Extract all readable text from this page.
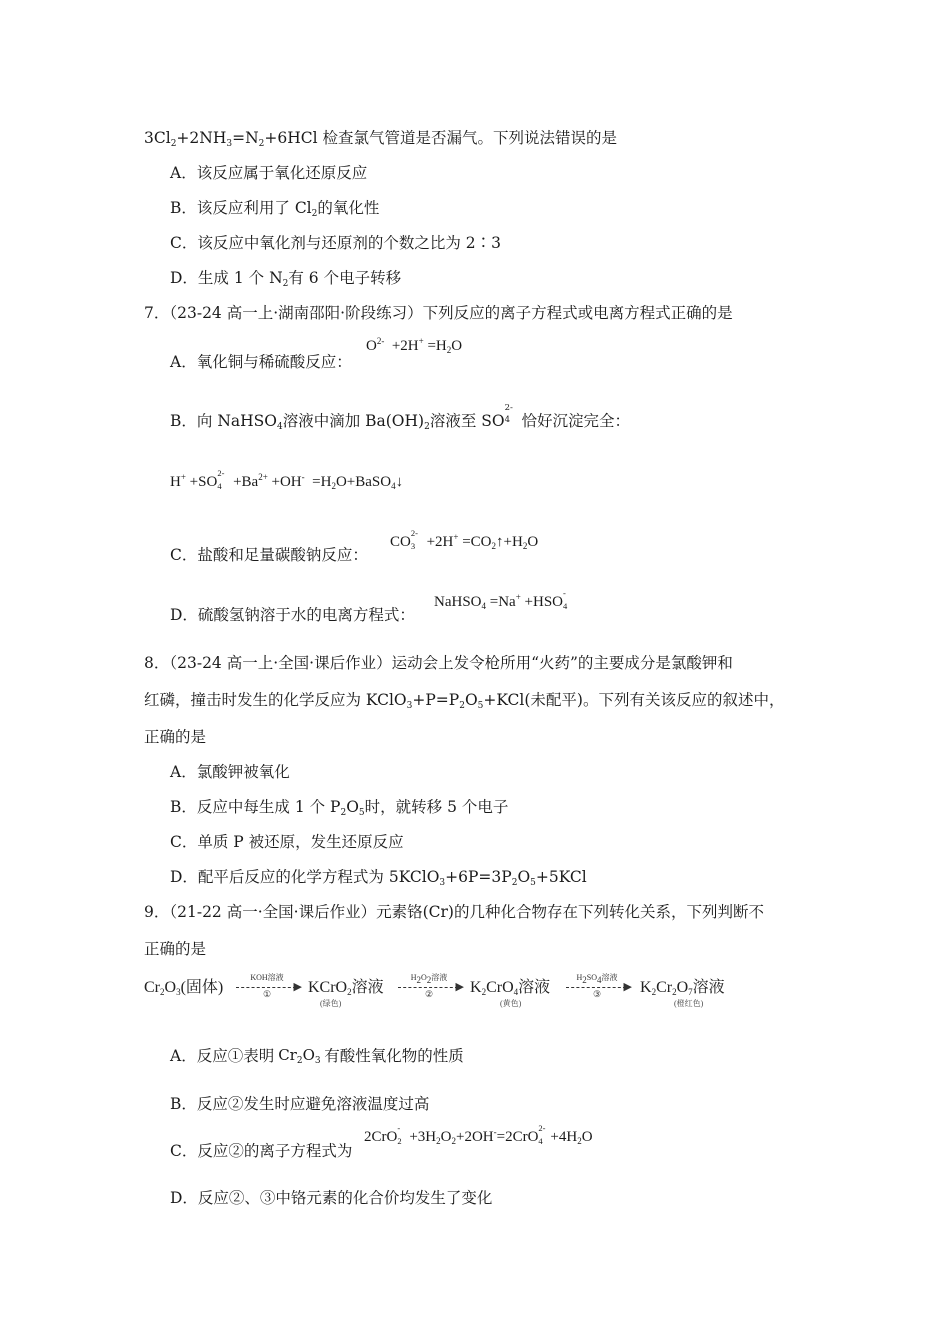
$3Cl_2+2NH_3=N_2+6HCl$ 检查氯气管道是否漏气。下列说法错误的是
A．该反应属于氧化还原反应
B．该反应利用了 $Cl_2$的氧化性
C．该反应中氧化剂与还原剂的个数之比为 2∶3
D．生成 1 个 $N_2$有 6 个电子转移
7．（23-24 高一上·湖南邵阳·阶段练习）下列反应的离子方程式或电离方程式正确的是
A．氧化铜与稀硫酸反应：
$O^{2-} +2H^+ =H_2O$
B．向 NaHSO$_4$溶液中滴加 $Ba(OH)_2$溶液至 SO
2-
4 恰好沉淀完全：
H+ +SO
2-
$4 +Ba^{2+} +OH^-$  $=H_2O+BaSO_4↓$
C．盐酸和足量碳酸钠反应：
CO
2-
$3 +2H^+ =CO_2↑+H_2O$
D．硫酸氢钠溶于水的电离方程式：
NaHSO$_4$ =Na+ +HSO
-
4
8．（23-24 高一上·全国·课后作业）运动会上发令枪所用“火药”的主要成分是氯酸钾和
红磷，撞击时发生的化学反应为 $KClO_3+P=P_2O_5+KCl$(未配平)。下列有关该反应的叙述中，
正确的是
A．氯酸钾被氧化
B．反应中每生成 1 个 $P_2O_5$时，就转移 5 个电子
C．单质 P 被还原，发生还原反应
D．配平后反应的化学方程式为 $5KClO_3+6P=3P_2O_5+5KCl$
9．（21-22 高一·全国·课后作业）元素铬(Cr)的几种化合物存在下列转化关系，下列判断不
正确的是
$Cr_2O_3$(固体)
KOH溶液
▶
①	KCrO$_2$溶液
(绿色)
$H_2O_2$溶液
▶
②	$K_2CrO_4$溶液
(黄色)
$H_2SO_4$溶液
▶
③	$K_2Cr_2O_7$溶液
(橙红色)
A．反应①表明 $Cr_2O_3$ 有酸性氧化物的性质
B．反应②发生时应避免溶液温度过高
C．反应②的离子方程式为
2CrO
-
$2 +3H_2O_2+2OH^-=2CrO$
2-
$4 +4H_2O$
D．反应②、③中铬元素的化合价均发生了变化
